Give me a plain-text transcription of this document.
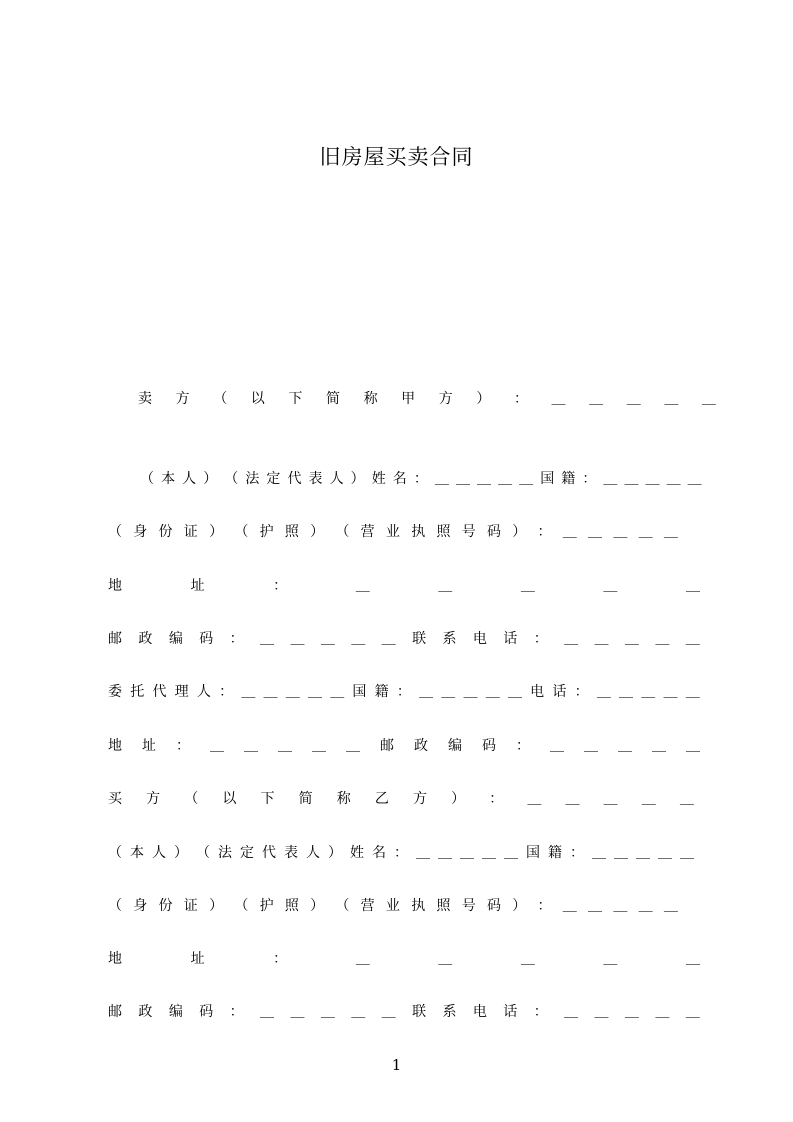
旧房屋买卖合同
卖 方 （ 以 下 简 称 甲 方 ） ： ＿ ＿ ＿ ＿ ＿
（ 本 人 ） （ 法 定 代 表 人 ） 姓 名 ： ＿ ＿ ＿ ＿ ＿ 国 籍 ： ＿ ＿ ＿ ＿ ＿
（ 身 份 证 ） （ 护 照 ） （ 营 业 执 照 号 码 ） ： ＿ ＿ ＿ ＿ ＿
地	址	：	＿	＿	＿	＿	＿
邮 政 编 码 ： ＿ ＿ ＿ ＿ ＿ 联 系 电 话 ： ＿ ＿ ＿ ＿ ＿
委 托 代 理 人 ： ＿ ＿ ＿ ＿ ＿ 国 籍 ： ＿ ＿ ＿ ＿ ＿ 电 话 ： ＿ ＿ ＿ ＿ ＿
地 址 ： ＿ ＿ ＿ ＿ ＿ 邮 政 编 码 ： ＿ ＿ ＿ ＿ ＿
买 方 （ 以 下 简 称 乙 方 ） ： ＿ ＿ ＿ ＿ ＿
（ 本 人 ） （ 法 定 代 表 人 ） 姓 名 ： ＿ ＿ ＿ ＿ ＿ 国 籍 ： ＿ ＿ ＿ ＿ ＿
（ 身 份 证 ） （ 护 照 ） （ 营 业 执 照 号 码 ） ： ＿ ＿ ＿ ＿ ＿
地	址	：	＿	＿	＿	＿	＿
邮 政 编 码 ： ＿ ＿ ＿ ＿ ＿ 联 系 电 话 ： ＿ ＿ ＿ ＿ ＿
1
